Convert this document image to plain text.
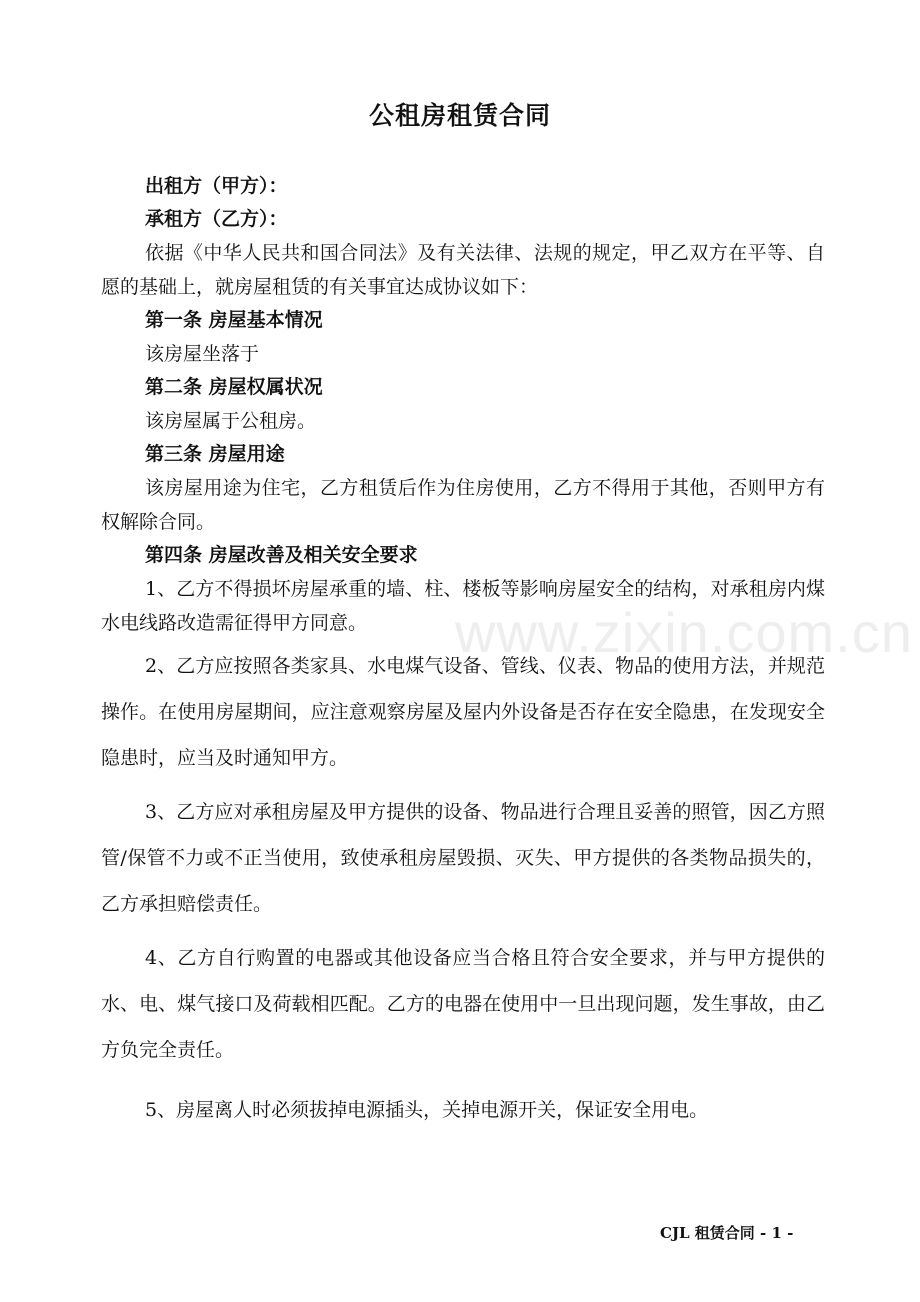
公租房租赁合同

出租方（甲方）：

承租方（乙方）：

依据《中华人民共和国合同法》及有关法律、法规的规定，甲乙双方在平等、自愿的基础上，就房屋租赁的有关事宜达成协议如下：

第一条 房屋基本情况

该房屋坐落于

第二条 房屋权属状况

该房屋属于公租房。

第三条 房屋用途

该房屋用途为住宅，乙方租赁后作为住房使用，乙方不得用于其他，否则甲方有权解除合同。

第四条 房屋改善及相关安全要求

1、乙方不得损坏房屋承重的墙、柱、楼板等影响房屋安全的结构，对承租房内煤水电线路改造需征得甲方同意。

2、乙方应按照各类家具、水电煤气设备、管线、仪表、物品的使用方法，并规范操作。在使用房屋期间，应注意观察房屋及屋内外设备是否存在安全隐患，在发现安全隐患时，应当及时通知甲方。

3、乙方应对承租房屋及甲方提供的设备、物品进行合理且妥善的照管，因乙方照管/保管不力或不正当使用，致使承租房屋毁损、灭失、甲方提供的各类物品损失的，乙方承担赔偿责任。

4、乙方自行购置的电器或其他设备应当合格且符合安全要求，并与甲方提供的水、电、煤气接口及荷载相匹配。乙方的电器在使用中一旦出现问题，发生事故，由乙方负完全责任。

5、房屋离人时必须拔掉电源插头，关掉电源开关，保证安全用电。

www.zixin.com.cn
CJL 租赁合同 - 1 -
